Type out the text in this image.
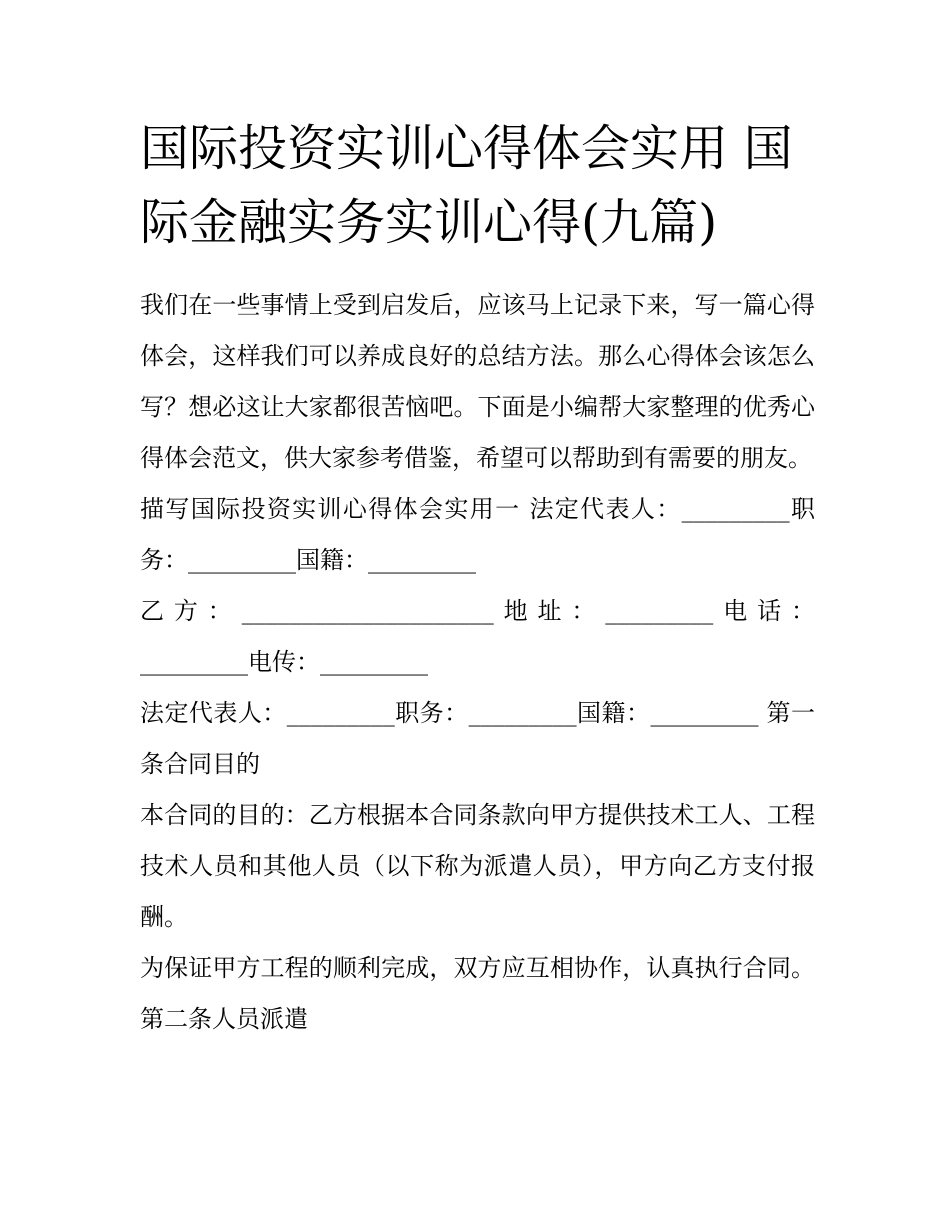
国际投资实训心得体会实用 国际金融实务实训心得(九篇)

我们在一些事情上受到启发后，应该马上记录下来，写一篇心得体会，这样我们可以养成良好的总结方法。那么心得体会该怎么写？想必这让大家都很苦恼吧。下面是小编帮大家整理的优秀心得体会范文，供大家参考借鉴，希望可以帮助到有需要的朋友。

描写国际投资实训心得体会实用一 法定代表人：_________职务：_________国籍：_________

乙方：_____________________地址：_________电话：_________电传：_________

法定代表人：_________职务：_________国籍：_________ 第一条合同目的

本合同的目的：乙方根据本合同条款向甲方提供技术工人、工程技术人员和其他人员（以下称为派遣人员），甲方向乙方支付报酬。

为保证甲方工程的顺利完成，双方应互相协作，认真执行合同。 第二条人员派遣
